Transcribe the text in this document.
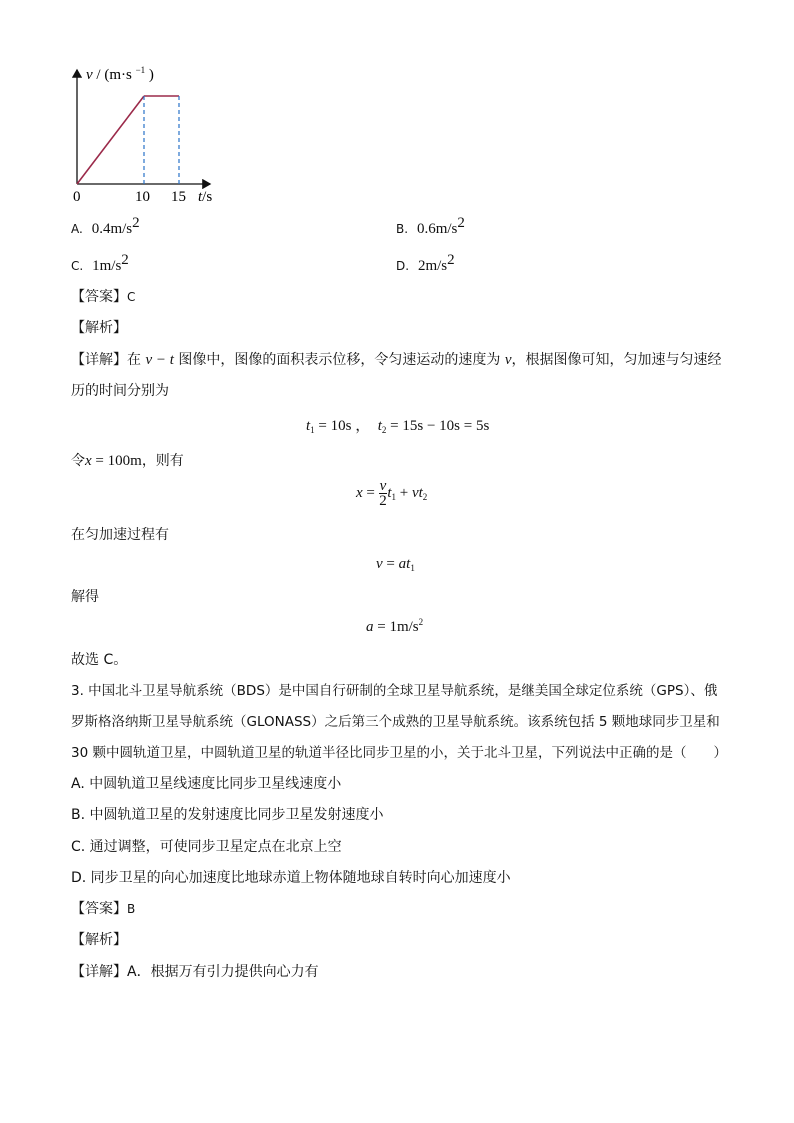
v / (m·s $^{-1}$ )
0	10 15 t/s
A. $0.4m/s^2$	B. $0.6m/s^2$
C. $1m/s^2$	D. $2m/s^2$
【答案】C
【解析】
【详解】在 v − t 图像中，图像的面积表示位移，令匀速运动的速度为 v，根据图像可知，匀加速与匀速经
历的时间分别为
$t_1 = 10s$ ， $t_2 = 15s - 10s = 5s$
令x = 100m，则有
$x = \frac{v}{2} t_1 + vt_2$
在匀加速过程有
$v = at_1$
解得
$a = 1m/s^2$
故选 C。
3. 中国北斗卫星导航系统（BDS）是中国自行研制的全球卫星导航系统，是继美国全球定位系统（GPS）、俄
罗斯格洛纳斯卫星导航系统（GLONASS）之后第三个成熟的卫星导航系统。该系统包括 5 颗地球同步卫星和
30 颗中圆轨道卫星，中圆轨道卫星的轨道半径比同步卫星的小，关于北斗卫星，下列说法中正确的是（　　）
A. 中圆轨道卫星线速度比同步卫星线速度小
B. 中圆轨道卫星的发射速度比同步卫星发射速度小
C. 通过调整，可使同步卫星定点在北京上空
D. 同步卫星的向心加速度比地球赤道上物体随地球自转时向心加速度小
【答案】B
【解析】
【详解】A．根据万有引力提供向心力有
